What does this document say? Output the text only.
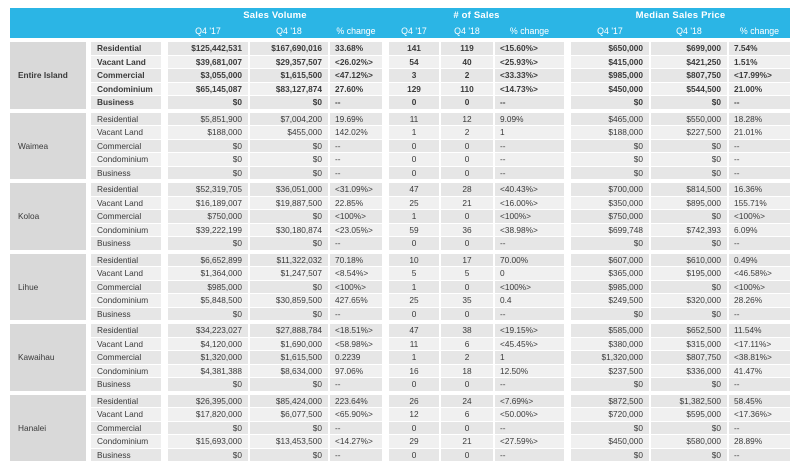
Sales Volume	# of Sales	Median Sales Price
Q4 '17	Q4 '18	% change	Q4 '17	Q4 '18	% change	Q4 '17	Q4 '18	% change
Entire Island
Residential	$125,442,531	$167,690,016	33.68%	141	119	<15.60%>	$650,000	$699,000	7.54%
Vacant Land	$39,681,007	$29,357,507	<26.02%>	54	40	<25.93%>	$415,000	$421,250	1.51%
Commercial	$3,055,000	$1,615,500	<47.12%>	3	2	<33.33%>	$985,000	$807,750	<17.99%>
Condominium	$65,145,087	$83,127,874	27.60%	129	110	<14.73%>	$450,000	$544,500	21.00%
Business	$0	$0	--	0	0	--	$0	$0	--
Waimea
Residential	$5,851,900	$7,004,200	19.69%	11	12	9.09%	$465,000	$550,000	18.28%
Vacant Land	$188,000	$455,000	142.02%	1	2	1	$188,000	$227,500	21.01%
Commercial	$0	$0	--	0	0	--	$0	$0	--
Condominium	$0	$0	--	0	0	--	$0	$0	--
Business	$0	$0	--	0	0	--	$0	$0	--
Koloa
Residential	$52,319,705	$36,051,000	<31.09%>	47	28	<40.43%>	$700,000	$814,500	16.36%
Vacant Land	$16,189,007	$19,887,500	22.85%	25	21	<16.00%>	$350,000	$895,000	155.71%
Commercial	$750,000	$0	<100%>	1	0	<100%>	$750,000	$0	<100%>
Condominium	$39,222,199	$30,180,874	<23.05%>	59	36	<38.98%>	$699,748	$742,393	6.09%
Business	$0	$0	--	0	0	--	$0	$0	--
Lihue
Residential	$6,652,899	$11,322,032	70.18%	10	17	70.00%	$607,000	$610,000	0.49%
Vacant Land	$1,364,000	$1,247,507	<8.54%>	5	5	0	$365,000	$195,000	<46.58%>
Commercial	$985,000	$0	<100%>	1	0	<100%>	$985,000	$0	<100%>
Condominium	$5,848,500	$30,859,500	427.65%	25	35	0.4	$249,500	$320,000	28.26%
Business	$0	$0	--	0	0	--	$0	$0	--
Kawaihau
Residential	$34,223,027	$27,888,784	<18.51%>	47	38	<19.15%>	$585,000	$652,500	11.54%
Vacant Land	$4,120,000	$1,690,000	<58.98%>	11	6	<45.45%>	$380,000	$315,000	<17.11%>
Commercial	$1,320,000	$1,615,500	0.2239	1	2	1	$1,320,000	$807,750	<38.81%>
Condominium	$4,381,388	$8,634,000	97.06%	16	18	12.50%	$237,500	$336,000	41.47%
Business	$0	$0	--	0	0	--	$0	$0	--
Hanalei
Residential	$26,395,000	$85,424,000	223.64%	26	24	<7.69%>	$872,500	$1,382,500	58.45%
Vacant Land	$17,820,000	$6,077,500	<65.90%>	12	6	<50.00%>	$720,000	$595,000	<17.36%>
Commercial	$0	$0	--	0	0	--	$0	$0	--
Condominium	$15,693,000	$13,453,500	<14.27%>	29	21	<27.59%>	$450,000	$580,000	28.89%
Business	$0	$0	--	0	0	--	$0	$0	--
